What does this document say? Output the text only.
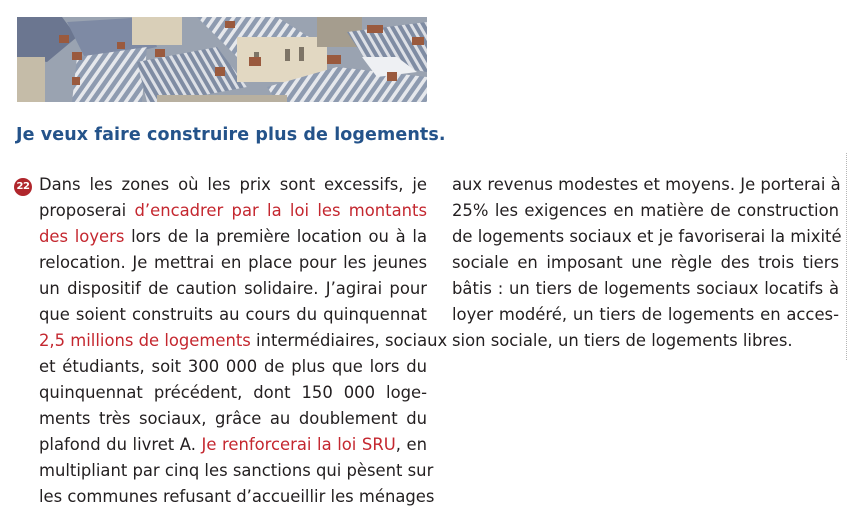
Je veux faire construire plus de logements.
22 Dans les zones où les prix sont excessifs, je
proposerai d’encadrer par la loi les montants
des loyers lors de la première location ou à la
relocation. Je mettrai en place pour les jeunes
un dispositif de caution solidaire. J’agirai pour
que soient construits au cours du quinquennat
2,5 millions de logements intermédiaires, sociaux
et étudiants, soit 300 000 de plus que lors du
quinquennat précédent, dont 150 000 loge-
ments très sociaux, grâce au doublement du
plafond du livret A. Je renforcerai la loi SRU, en
multipliant par cinq les sanctions qui pèsent sur
les communes refusant d’accueillir les ménages
aux revenus modestes et moyens. Je porterai à
25% les exigences en matière de construction
de logements sociaux et je favoriserai la mixité
sociale en imposant une règle des trois tiers
bâtis : un tiers de logements sociaux locatifs à
loyer modéré, un tiers de logements en acces-
sion sociale, un tiers de logements libres.
